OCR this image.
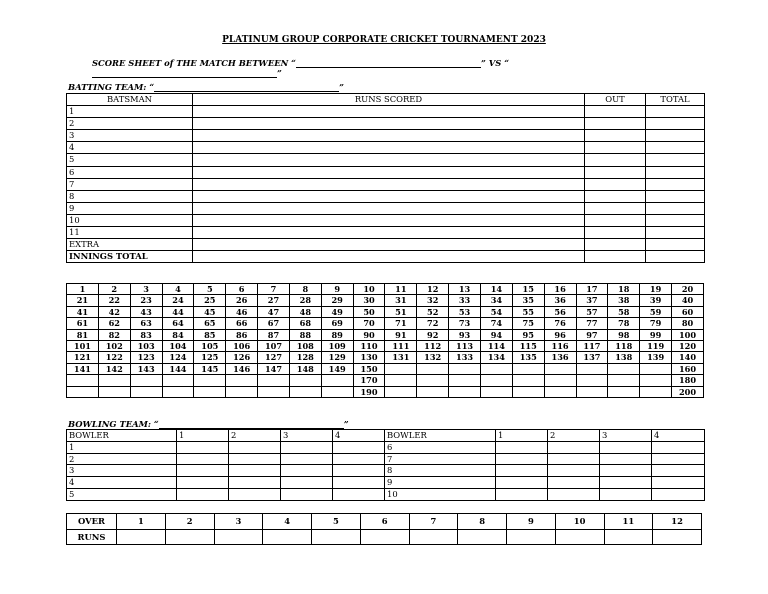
PLATINUM GROUP CORPORATE CRICKET TOURNAMENT 2023
SCORE SHEET of THE MATCH BETWEEN “	” VS “”
BATTING TEAM: “	”
BATSMAN	RUNS SCORED	OUT	TOTAL
1			
2			
3			
4			
5			
6			
7			
8			
9			
10			
11			
EXTRA			
INNINGS TOTAL			
1	2	3	4	5	6	7	8	9	10	11	12	13	14	15	16	17	18	19	20
21	22	23	24	25	26	27	28	29	30	31	32	33	34	35	36	37	38	39	40
41	42	43	44	45	46	47	48	49	50	51	52	53	54	55	56	57	58	59	60
61	62	63	64	65	66	67	68	69	70	71	72	73	74	75	76	77	78	79	80
81	82	83	84	85	86	87	88	89	90	91	92	93	94	95	96	97	98	99	100
101	102	103	104	105	106	107	108	109	110	111	112	113	114	115	116	117	118	119	120
121	122	123	124	125	126	127	128	129	130	131	132	133	134	135	136	137	138	139	140
141	142	143	144	145	146	147	148	149	150										160
									170										180
									190										200
BOWLING TEAM: “	”
BOWLER	1	2	3	4	BOWLER	1	2	3	4
1					6				
2					7				
3					8				
4					9				
5					10				
OVER	1	2	3	4	5	6	7	8	9	10	11	12
RUNS												
